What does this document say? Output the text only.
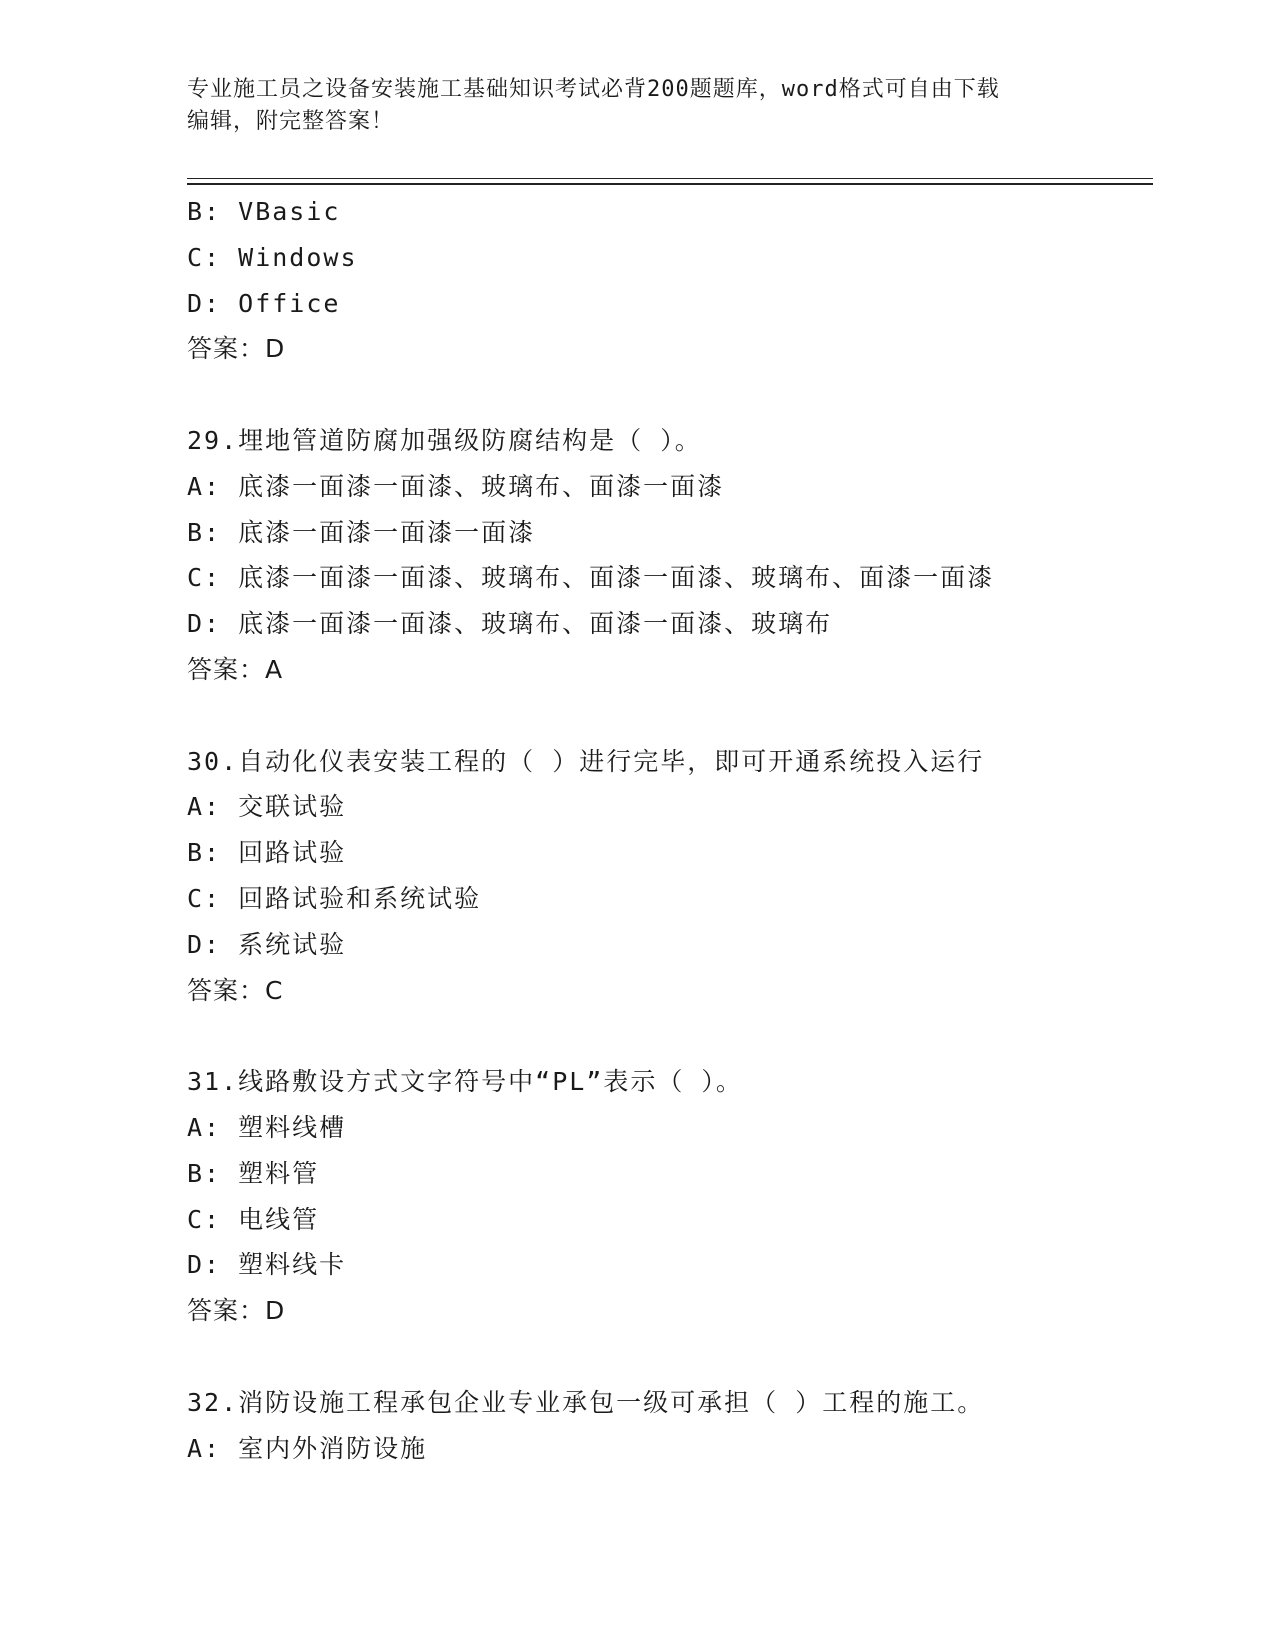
专业施工员之设备安装施工基础知识考试必背200题题库，word格式可自由下载
编辑，附完整答案！
B: VBasic
C: Windows
D: Office
答案：D
29.埋地管道防腐加强级防腐结构是（ ）。
A: 底漆一面漆一面漆、玻璃布、面漆一面漆
B: 底漆一面漆一面漆一面漆
C: 底漆一面漆一面漆、玻璃布、面漆一面漆、玻璃布、面漆一面漆
D: 底漆一面漆一面漆、玻璃布、面漆一面漆、玻璃布
答案：A
30.自动化仪表安装工程的（ ）进行完毕，即可开通系统投入运行
A: 交联试验
B: 回路试验
C: 回路试验和系统试验
D: 系统试验
答案：C
31.线路敷设方式文字符号中“PL”表示（ ）。
A: 塑料线槽
B: 塑料管
C: 电线管
D: 塑料线卡
答案：D
32.消防设施工程承包企业专业承包一级可承担（ ）工程的施工。
A: 室内外消防设施
